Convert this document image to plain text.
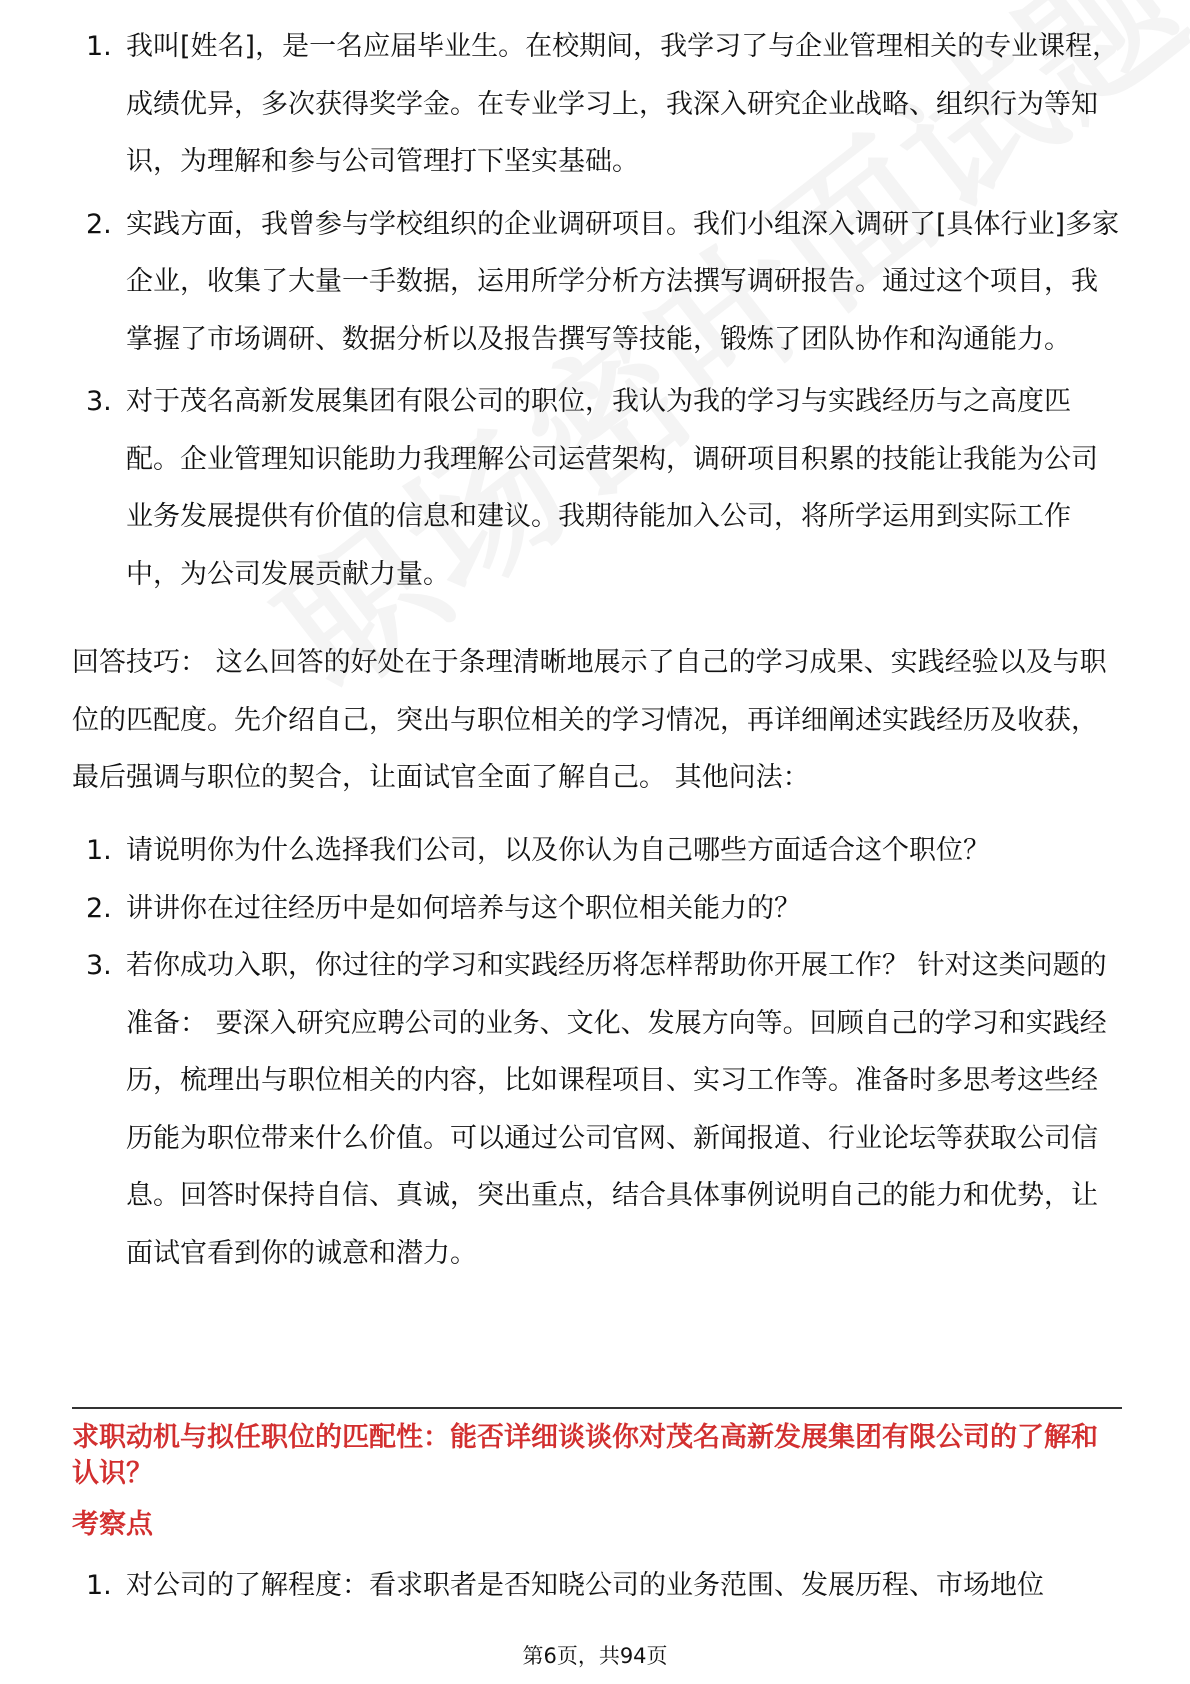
1. 我叫[姓名]，是一名应届毕业生。在校期间，我学习了与企业管理相关的专业课程，成绩优异，多次获得奖学金。在专业学习上，我深入研究企业战略、组织行为等知识，为理解和参与公司管理打下坚实基础。
2. 实践方面，我曾参与学校组织的企业调研项目。我们小组深入调研了[具体行业]多家企业，收集了大量一手数据，运用所学分析方法撰写调研报告。通过这个项目，我掌握了市场调研、数据分析以及报告撰写等技能，锻炼了团队协作和沟通能力。
3. 对于茂名高新发展集团有限公司的职位，我认为我的学习与实践经历与之高度匹配。企业管理知识能助力我理解公司运营架构，调研项目积累的技能让我能为公司业务发展提供有价值的信息和建议。我期待能加入公司，将所学运用到实际工作中，为公司发展贡献力量。

回答技巧： 这么回答的好处在于条理清晰地展示了自己的学习成果、实践经验以及与职位的匹配度。先介绍自己，突出与职位相关的学习情况，再详细阐述实践经历及收获，最后强调与职位的契合，让面试官全面了解自己。 其他问法：

1. 请说明你为什么选择我们公司，以及你认为自己哪些方面适合这个职位？
2. 讲讲你在过往经历中是如何培养与这个职位相关能力的？
3. 若你成功入职，你过往的学习和实践经历将怎样帮助你开展工作？ 针对这类问题的准备： 要深入研究应聘公司的业务、文化、发展方向等。回顾自己的学习和实践经历，梳理出与职位相关的内容，比如课程项目、实习工作等。准备时多思考这些经历能为职位带来什么价值。可以通过公司官网、新闻报道、行业论坛等获取公司信息。回答时保持自信、真诚，突出重点，结合具体事例说明自己的能力和优势，让面试官看到你的诚意和潜力。
求职动机与拟任职位的匹配性：能否详细谈谈你对茂名高新发展集团有限公司的了解和认识？
考察点
1. 对公司的了解程度：看求职者是否知晓公司的业务范围、发展历程、市场地位
第6页，共94页
